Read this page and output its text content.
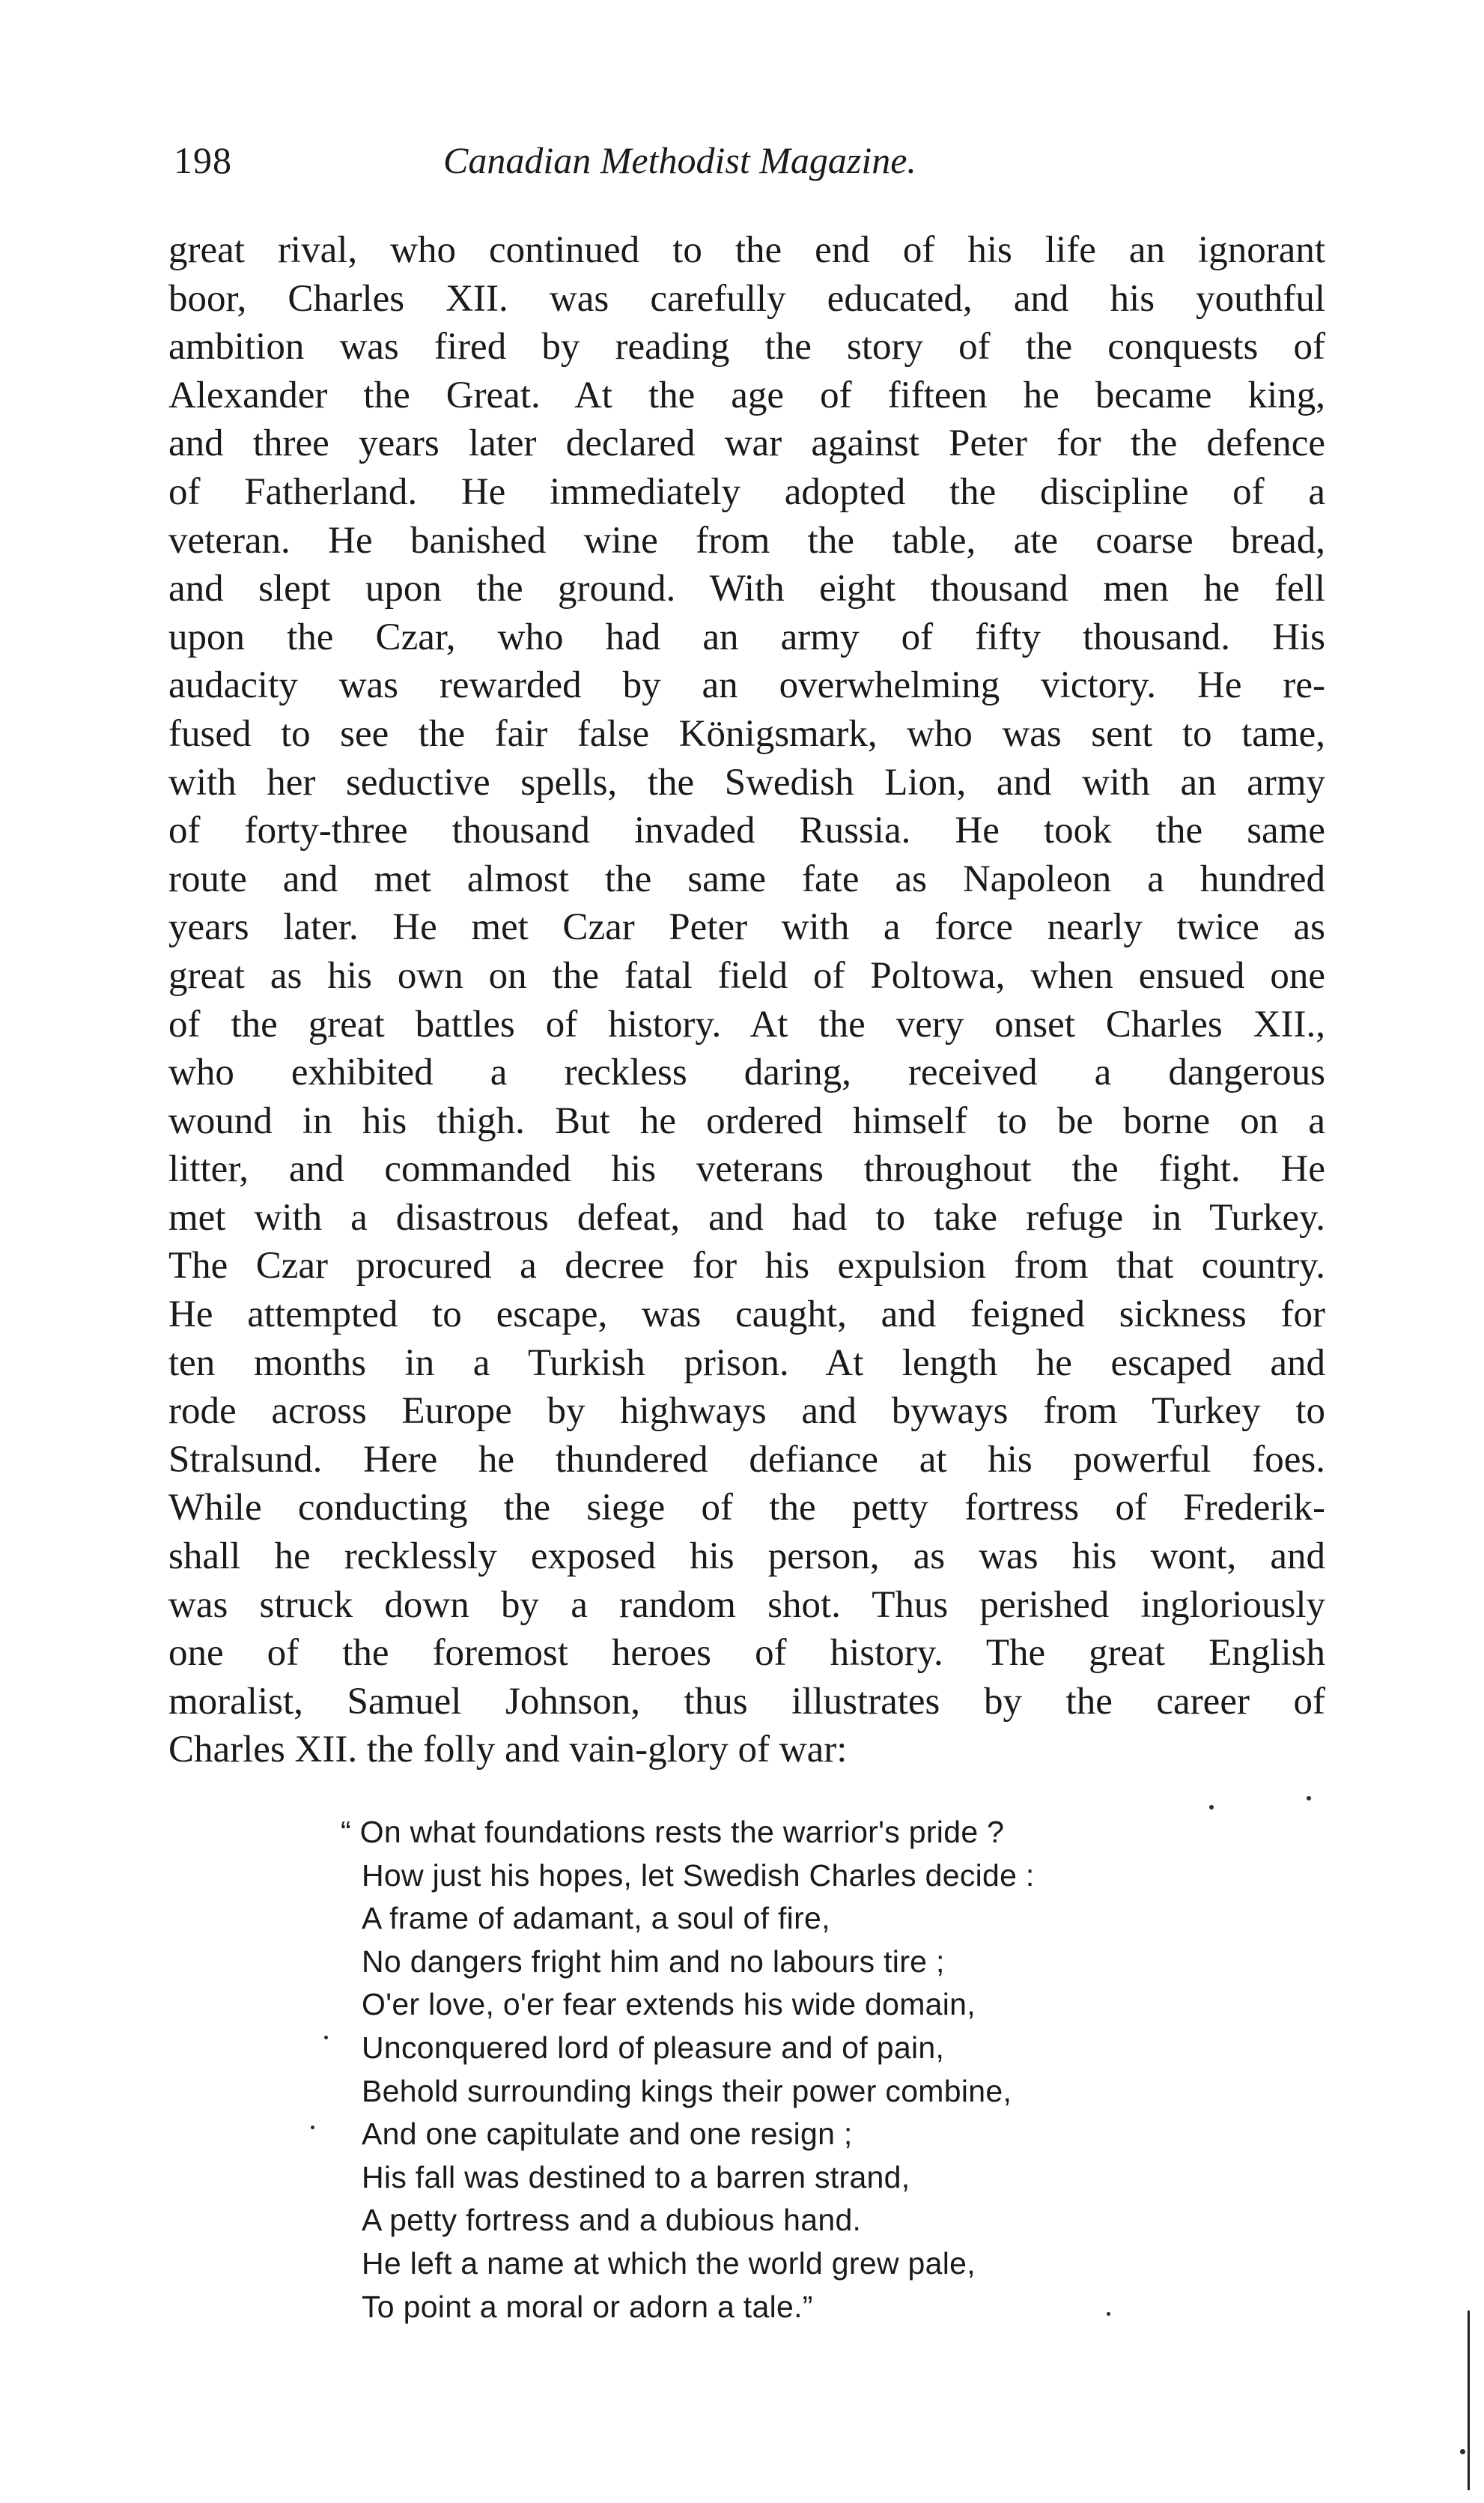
198	Canadian Methodist Magazine.
great rival, who continued to the end of his life an ignorant
boor, Charles XII. was carefully educated, and his youthful
ambition was fired by reading the story of the conquests of
Alexander the Great. At the age of fifteen he became king,
and three years later declared war against Peter for the defence
of Fatherland. He immediately adopted the discipline of a
veteran. He banished wine from the table, ate coarse bread,
and slept upon the ground. With eight thousand men he fell
upon the Czar, who had an army of fifty thousand. His
audacity was rewarded by an overwhelming victory. He re-
fused to see the fair false Königsmark, who was sent to tame,
with her seductive spells, the Swedish Lion, and with an army
of forty-three thousand invaded Russia. He took the same
route and met almost the same fate as Napoleon a hundred
years later. He met Czar Peter with a force nearly twice as
great as his own on the fatal field of Poltowa, when ensued one
of the great battles of history. At the very onset Charles XII.,
who exhibited a reckless daring, received a dangerous
wound in his thigh. But he ordered himself to be borne on a
litter, and commanded his veterans throughout the fight. He
met with a disastrous defeat, and had to take refuge in Turkey.
The Czar procured a decree for his expulsion from that country.
He attempted to escape, was caught, and feigned sickness for
ten months in a Turkish prison. At length he escaped and
rode across Europe by highways and byways from Turkey to
Stralsund. Here he thundered defiance at his powerful foes.
While conducting the siege of the petty fortress of Frederik-
shall he recklessly exposed his person, as was his wont, and
was struck down by a random shot. Thus perished ingloriously
one of the foremost heroes of history. The great English
moralist, Samuel Johnson, thus illustrates by the career of
Charles XII. the folly and vain-glory of war:
“ On what foundations rests the warrior's pride ?
How just his hopes, let Swedish Charles decide :
A frame of adamant, a soul of fire,
No dangers fright him and no labours tire ;
O'er love, o'er fear extends his wide domain,
Unconquered lord of pleasure and of pain,
Behold surrounding kings their power combine,
And one capitulate and one resign ;
His fall was destined to a barren strand,
A petty fortress and a dubious hand.
He left a name at which the world grew pale,
To point a moral or adorn a tale.”
